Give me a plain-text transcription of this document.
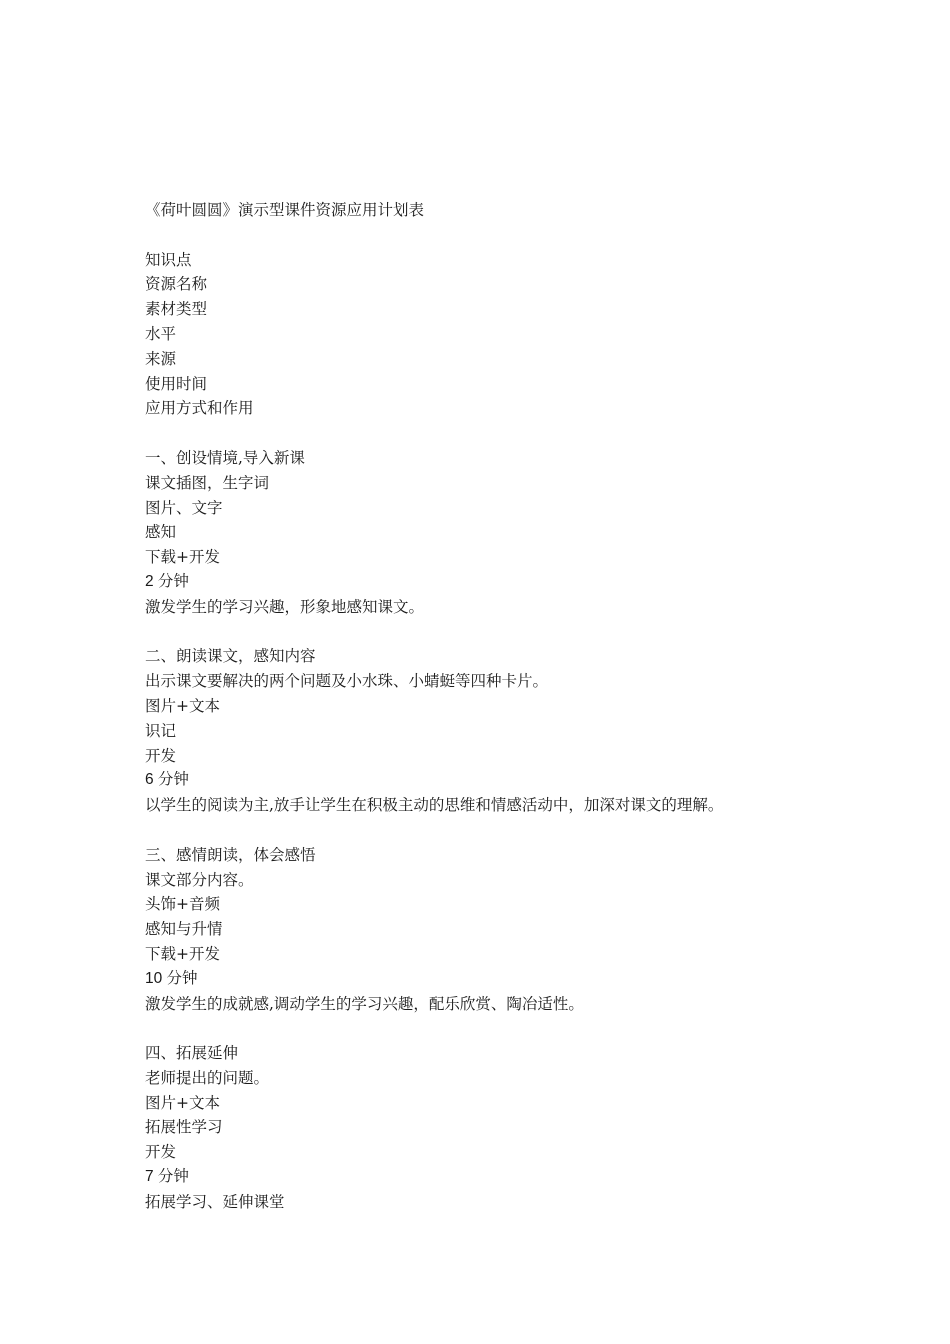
《荷叶圆圆》演示型课件资源应用计划表
知识点
资源名称
素材类型
水平
来源
使用时间
应用方式和作用
一、创设情境,导入新课
课文插图，生字词
图片、文字
感知
下载+开发
2 分钟
激发学生的学习兴趣，形象地感知课文。
二、朗读课文，感知内容
出示课文要解决的两个问题及小水珠、小蜻蜓等四种卡片。
图片+文本
识记
开发
6 分钟
以学生的阅读为主,放手让学生在积极主动的思维和情感活动中，加深对课文的理解。
三、感情朗读，体会感悟
课文部分内容。
头饰+音频
感知与升情
下载+开发
10 分钟
激发学生的成就感,调动学生的学习兴趣，配乐欣赏、陶冶适性。
四、拓展延伸
老师提出的问题。
图片+文本
拓展性学习
开发
7 分钟
拓展学习、延伸课堂
